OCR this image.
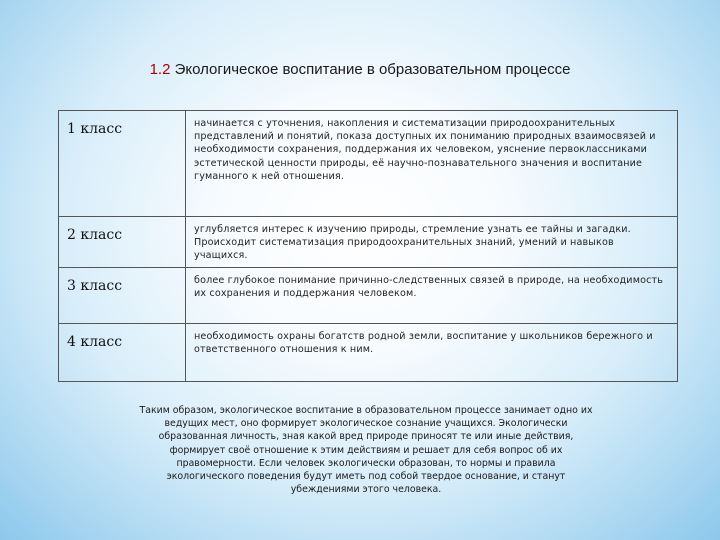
1.2 Экологическое воспитание в образовательном процессе
1 класс	начинается с уточнения, накопления и систематизации природоохранительных представлений и понятий, показа доступных их пониманию природных взаимосвязей и необходимости сохранения, поддержания их человеком, уяснение первоклассниками эстетической ценности природы, её научно-познавательного значения и воспитание гуманного к ней отношения.
2 класс	углубляется интерес к изучению природы, стремление узнать ее тайны и загадки. Происходит систематизация природоохранительных знаний, умений и навыков учащихся.
3 класс	более глубокое понимание причинно-следственных связей в природе, на необходимость их сохранения и поддержания человеком.
4 класс	необходимость охраны богатств родной земли, воспитание у школьников бережного и ответственного отношения к ним.
Таким образом, экологическое воспитание в образовательном процессе занимает одно их ведущих мест, оно формирует экологическое сознание учащихся. Экологически образованная личность, зная какой вред природе приносят те или иные действия, формирует своё отношение к этим действиям и решает для себя вопрос об их правомерности. Если человек экологически образован, то нормы и правила экологического поведения будут иметь под собой твердое основание, и станут убеждениями этого человека.
